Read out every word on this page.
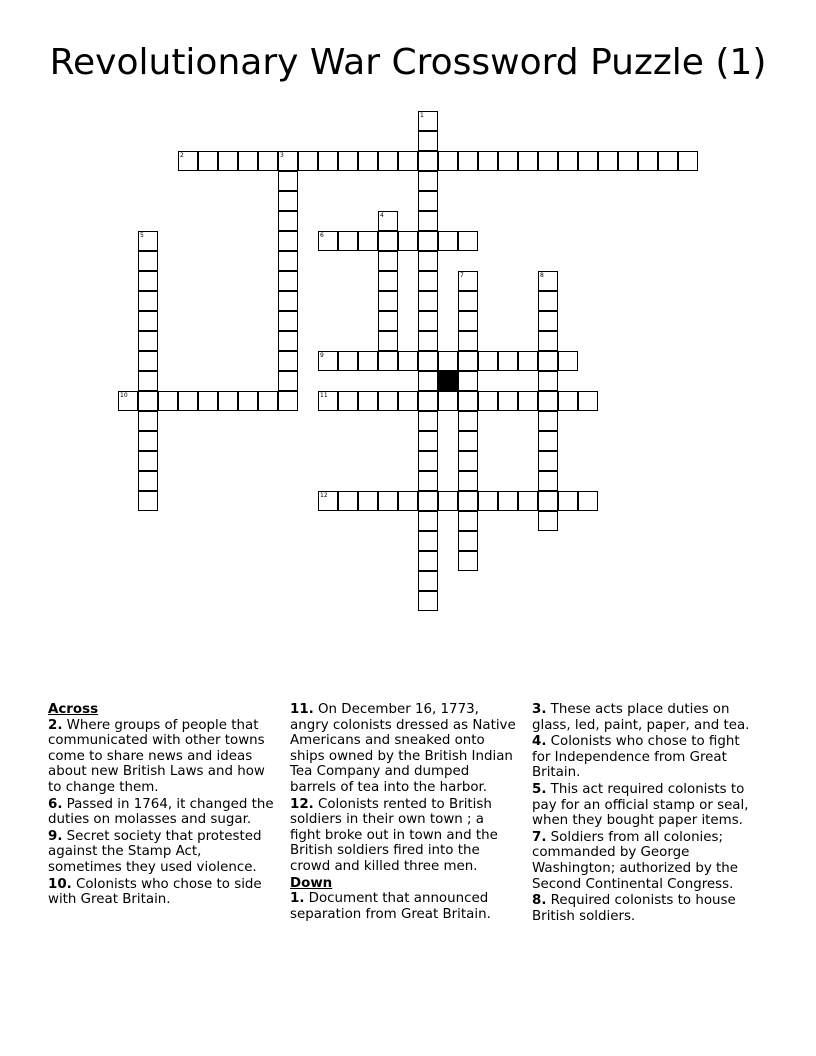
Revolutionary War Crossword Puzzle (1)
1
2	3
4
5	6
7	8
9
10	11
12

Across

2. Where groups of people that communicated with other towns come to share news and ideas about new British Laws and how to change them.

6. Passed in 1764, it changed the duties on molasses and sugar.

9. Secret society that protested against the Stamp Act, sometimes they used violence.

10. Colonists who chose to side with Great Britain.

11. On December 16, 1773, angry colonists dressed as Native Americans and sneaked onto ships owned by the British Indian Tea Company and dumped barrels of tea into the harbor.

12. Colonists rented to British soldiers in their own town ; a fight broke out in town and the British soldiers fired into the crowd and killed three men.

Down

1. Document that announced separation from Great Britain.

3. These acts place duties on glass, led, paint, paper, and tea.

4. Colonists who chose to fight for Independence from Great Britain.

5. This act required colonists to pay for an official stamp or seal, when they bought paper items.

7. Soldiers from all colonies; commanded by George Washington; authorized by the Second Continental Congress.

8. Required colonists to house British soldiers.
